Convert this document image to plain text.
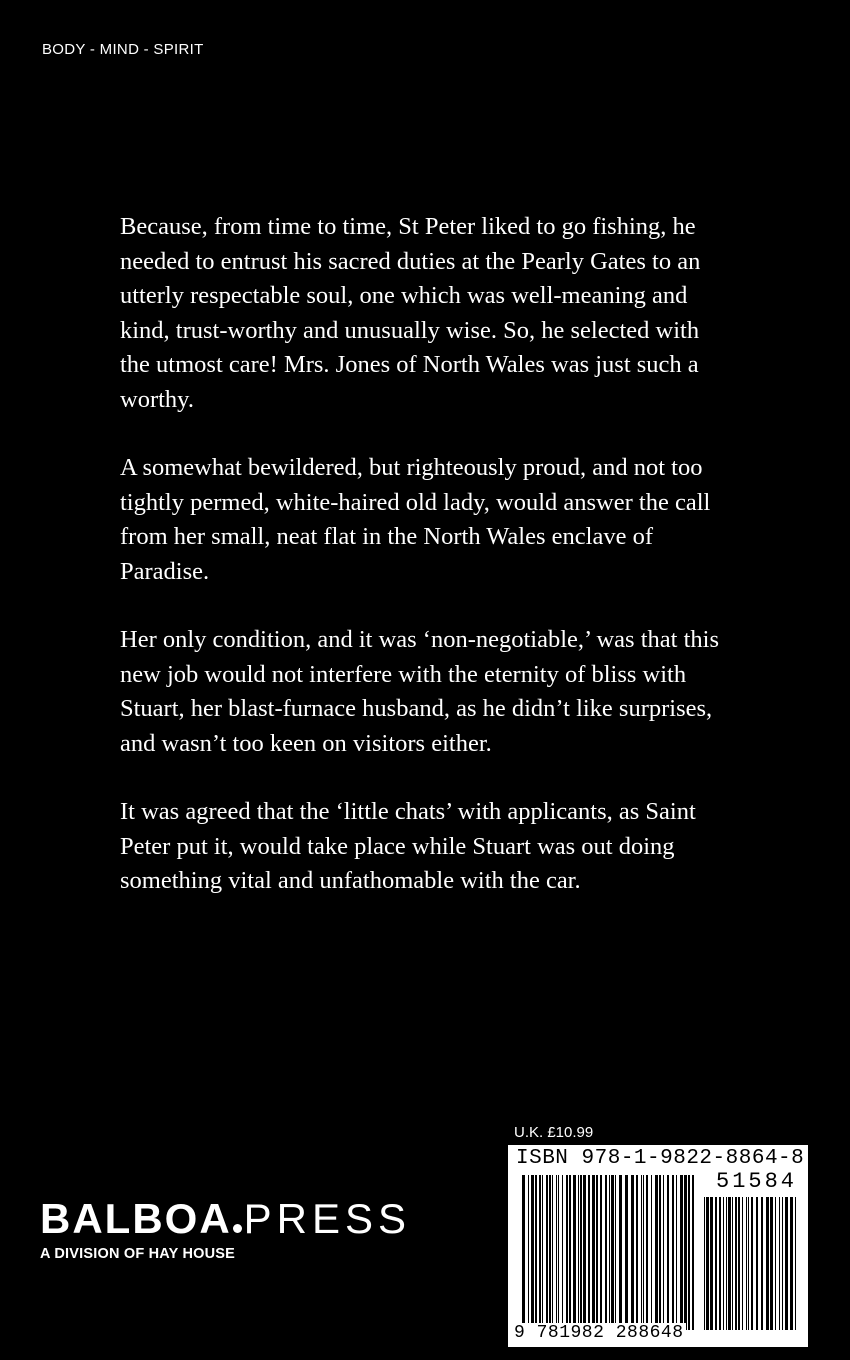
BODY - MIND - SPIRIT

Because, from time to time, St Peter liked to go fishing, he needed to entrust his sacred duties at the Pearly Gates to an utterly respectable soul, one which was well-meaning and kind, trust-worthy and unusually wise. So, he selected with the utmost care! Mrs. Jones of North Wales was just such a worthy.

A somewhat bewildered, but righteously proud, and not too tightly permed, white-haired old lady, would answer the call from her small, neat flat in the North Wales enclave of Paradise.

Her only condition, and it was ‘non-negotiable,’ was that this new job would not interfere with the eternity of bliss with Stuart, her blast-furnace husband, as he didn’t like surprises, and wasn’t too keen on visitors either.

It was agreed that the ‘little chats’ with applicants, as Saint Peter put it, would take place while Stuart was out doing something vital and unfathomable with the car.

U.K. £10.99
ISBN 978-1-9822-8864-8
51584
9 781982 288648
BALBOA PRESS
A DIVISION OF HAY HOUSE
